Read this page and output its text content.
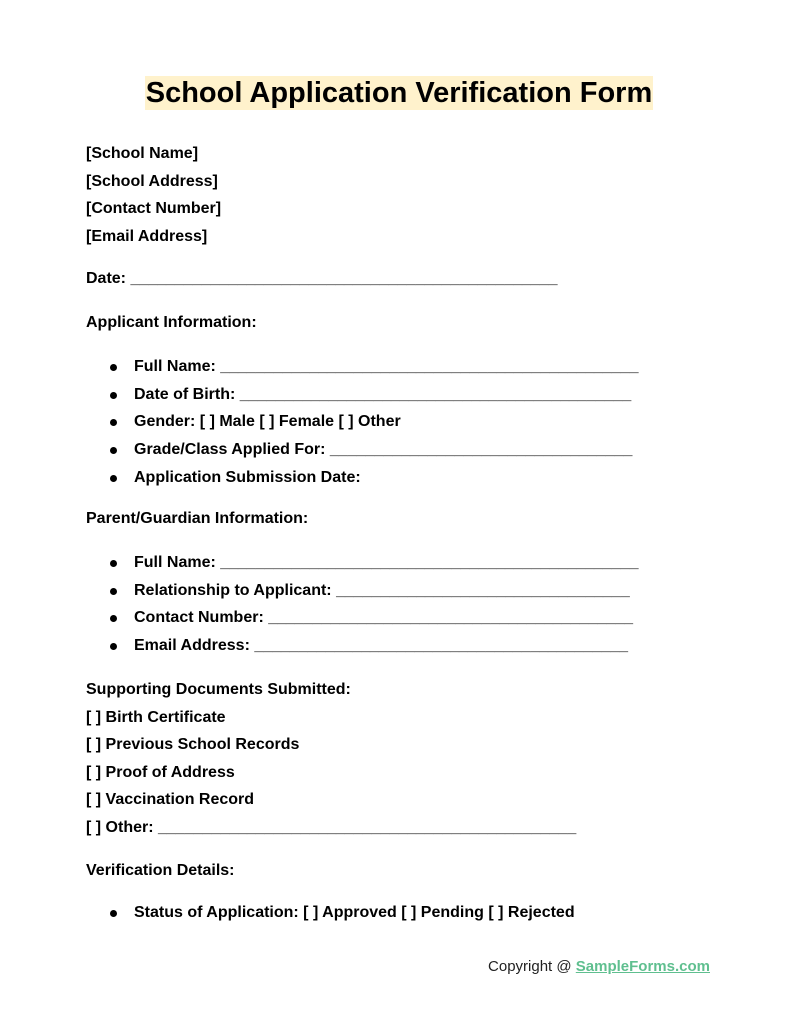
School Application Verification Form
[School Name]
[School Address]
[Contact Number]
[Email Address]
Date: ________________________________________________
Applicant Information:
Full Name: _______________________________________________
Date of Birth: ____________________________________________
Gender: [ ] Male [ ] Female [ ] Other
Grade/Class Applied For: __________________________________
Application Submission Date:
Parent/Guardian Information:
Full Name: _______________________________________________
Relationship to Applicant: _________________________________
Contact Number: _________________________________________
Email Address: __________________________________________
Supporting Documents Submitted:
[ ] Birth Certificate
[ ] Previous School Records
[ ] Proof of Address
[ ] Vaccination Record
[ ] Other: _______________________________________________
Verification Details:
Status of Application: [ ] Approved [ ] Pending [ ] Rejected
Copyright @ SampleForms.com
